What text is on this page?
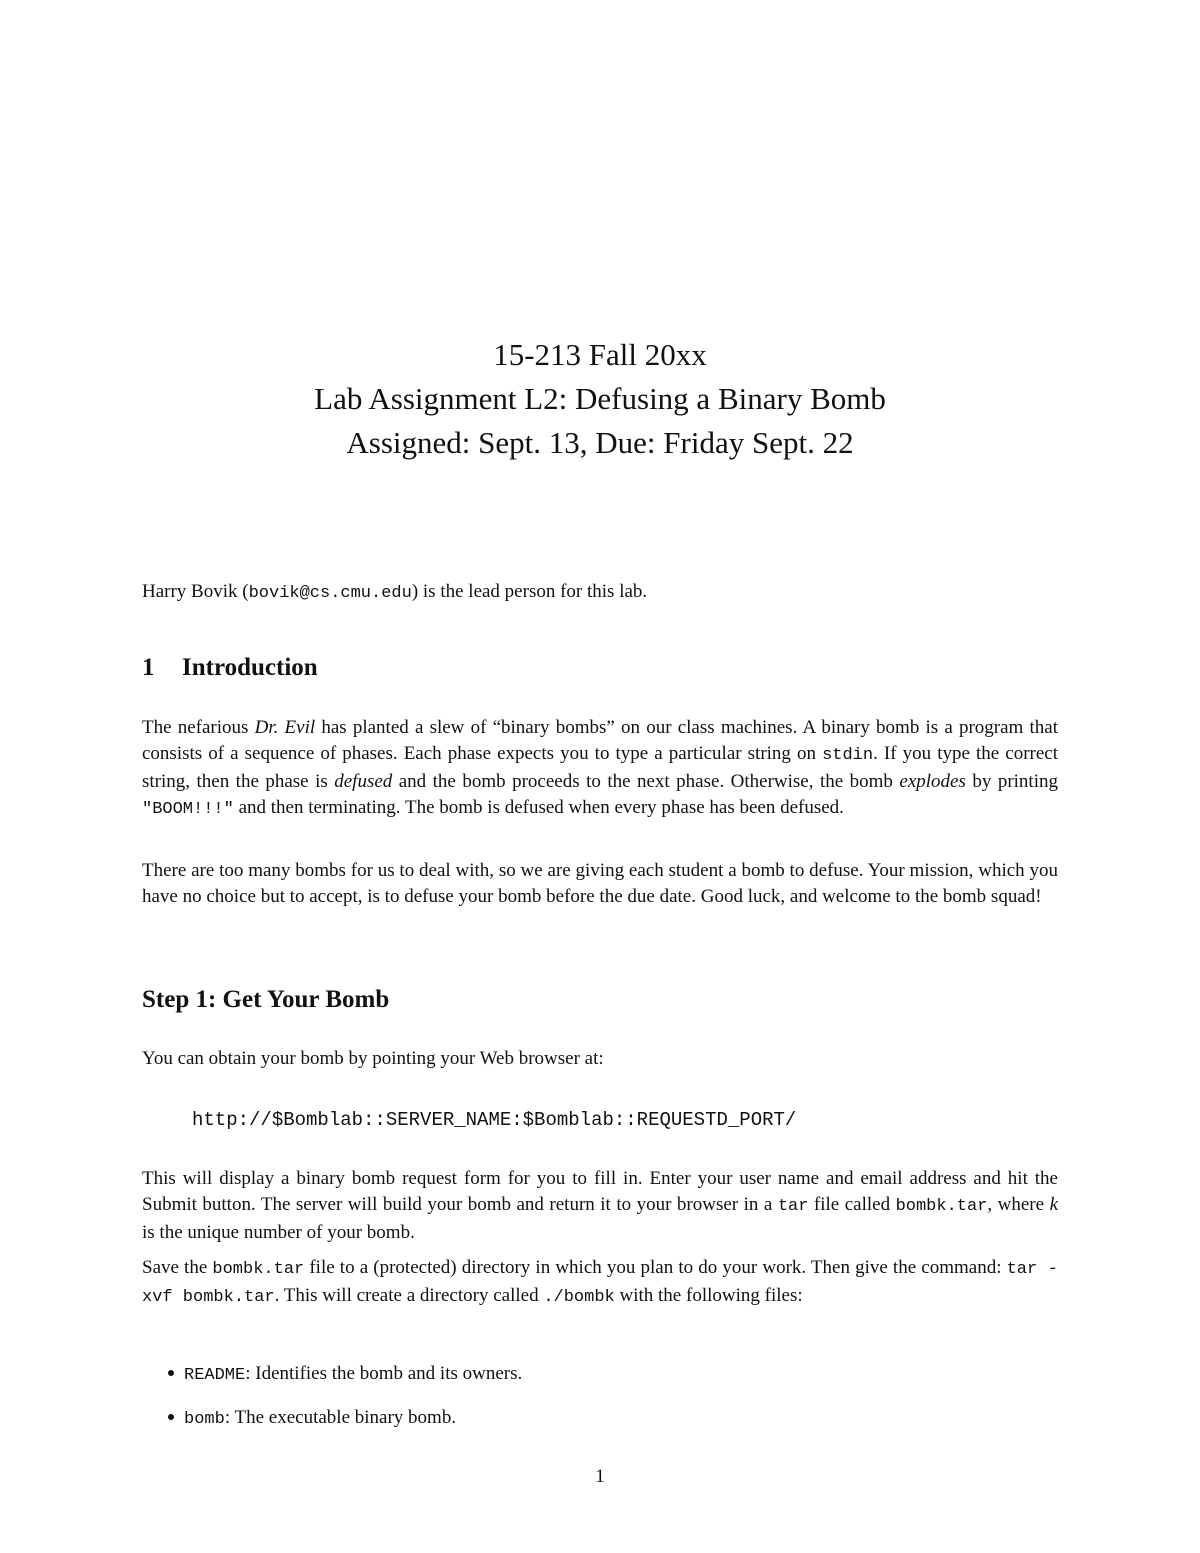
15-213 Fall 20xx
Lab Assignment L2: Defusing a Binary Bomb
Assigned: Sept. 13, Due: Friday Sept. 22

Harry Bovik (bovik@cs.cmu.edu) is the lead person for this lab.

1 Introduction

The nefarious Dr. Evil has planted a slew of “binary bombs” on our class machines. A binary bomb is a program that consists of a sequence of phases. Each phase expects you to type a particular string on stdin. If you type the correct string, then the phase is defused and the bomb proceeds to the next phase. Otherwise, the bomb explodes by printing "BOOM!!!" and then terminating. The bomb is defused when every phase has been defused.

There are too many bombs for us to deal with, so we are giving each student a bomb to defuse. Your mission, which you have no choice but to accept, is to defuse your bomb before the due date. Good luck, and welcome to the bomb squad!

Step 1: Get Your Bomb

You can obtain your bomb by pointing your Web browser at:

http://$Bomblab::SERVER_NAME:$Bomblab::REQUESTD_PORT/

This will display a binary bomb request form for you to fill in. Enter your user name and email address and hit the Submit button. The server will build your bomb and return it to your browser in a tar file called bombk.tar, where k is the unique number of your bomb.

Save the bombk.tar file to a (protected) directory in which you plan to do your work. Then give the command: tar -xvf bombk.tar. This will create a directory called ./bombk with the following files:

README: Identifies the bomb and its owners.
bomb: The executable binary bomb.
1
